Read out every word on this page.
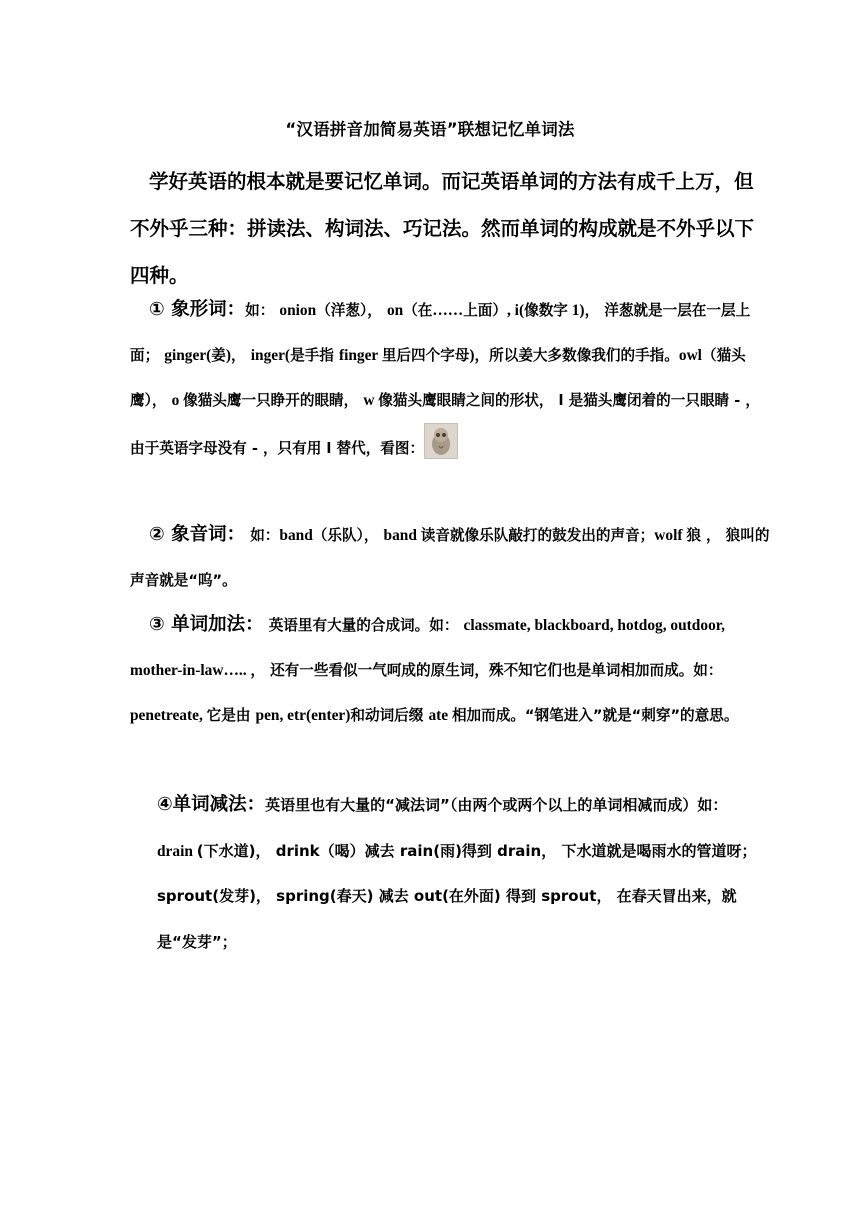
“汉语拼音加简易英语”联想记忆单词法
学好英语的根本就是要记忆单词。而记英语单词的方法有成千上万，但不外乎三种：拼读法、构词法、巧记法。然而单词的构成就是不外乎以下四种。
① 象形词：如： onion（洋葱）， on（在……上面）, i(像数字 1)， 洋葱就是一层在一层上面； ginger(姜)， inger(是手指 finger 里后四个字母)，所以姜大多数像我们的手指。owl（猫头鹰）， o 像猫头鹰一只睁开的眼睛， w 像猫头鹰眼睛之间的形状， l 是猫头鹰闭着的一只眼睛 - ， 由于英语字母没有 - ，只有用 l 替代，看图：
② 象音词： 如：band（乐队）， band 读音就像乐队敲打的鼓发出的声音；wolf 狼 ， 狼叫的声音就是“呜”。
③ 单词加法： 英语里有大量的合成词。如： classmate, blackboard, hotdog, outdoor, mother-in-law….. ， 还有一些看似一气呵成的原生词，殊不知它们也是单词相加而成。如：penetreate, 它是由 pen, etr(enter)和动词后缀 ate 相加而成。“钢笔进入”就是“刺穿”的意思。
④单词减法：英语里也有大量的“减法词”（由两个或两个以上的单词相减而成）如： drain (下水道)， drink（喝）减去 rain(雨)得到 drain， 下水道就是喝雨水的管道呀；sprout(发芽)， spring(春天) 减去 out(在外面) 得到 sprout， 在春天冒出来，就是“发芽”；
